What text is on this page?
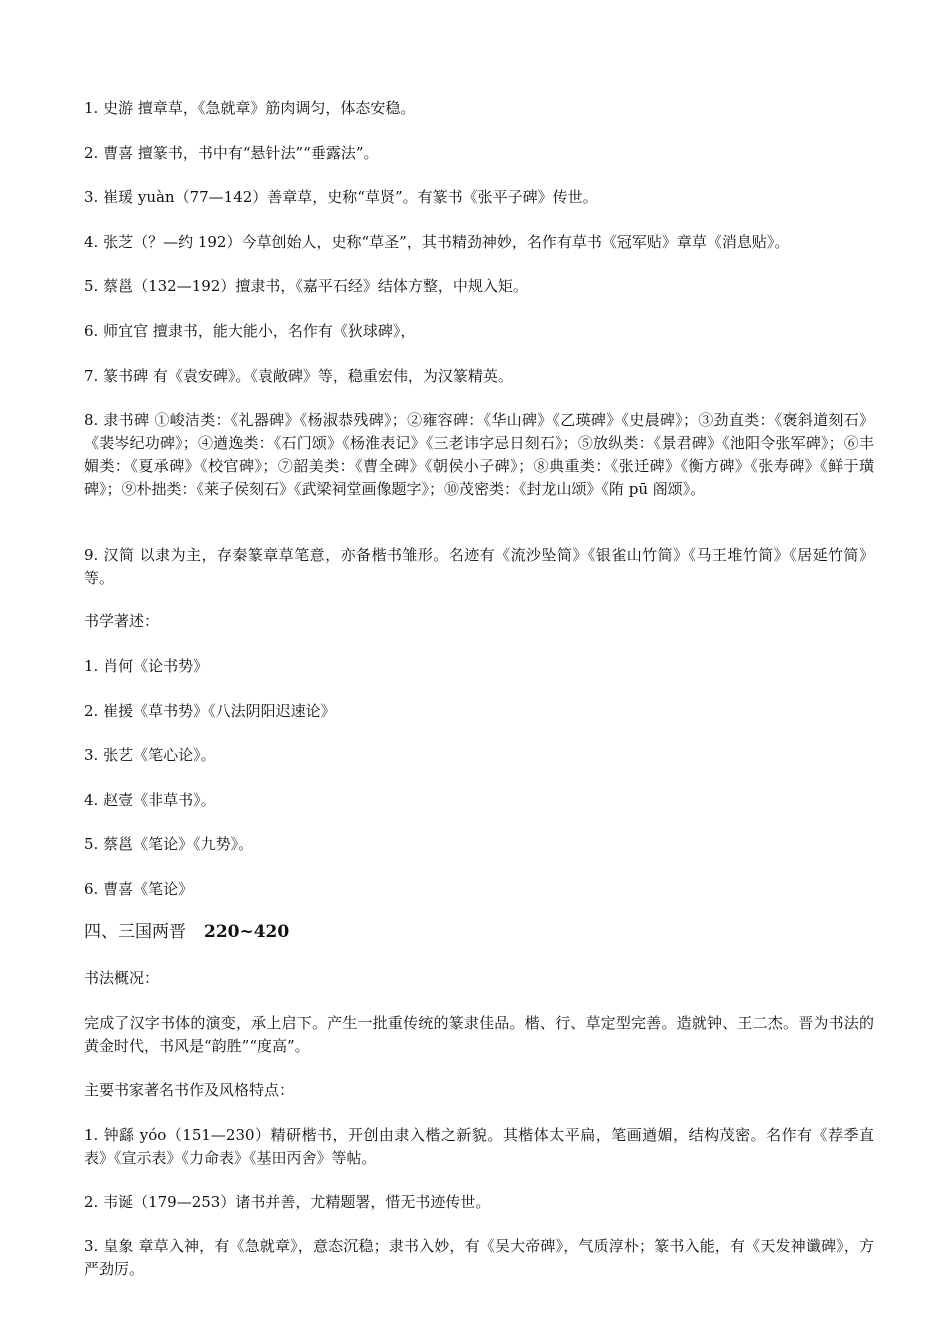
1. 史游 擅章草，《急就章》筋肉调匀，体态安稳。
2. 曹喜 擅篆书，书中有“悬针法”“垂露法”。
3. 崔瑗 yuàn（77—142）善章草，史称“草贤”。有篆书《张平子碑》传世。
4. 张芝（？—约 192）今草创始人，史称“草圣”，其书精劲神妙，名作有草书《冠军贴》章草《消息贴》。
5. 蔡邕（132—192）擅隶书，《嘉平石经》结体方整，中规入矩。
6. 师宜官 擅隶书，能大能小，名作有《狄球碑》，
7. 篆书碑 有《袁安碑》。《袁敞碑》等，稳重宏伟，为汉篆精英。
8. 隶书碑 ①峻洁类：《礼器碑》《杨淑恭残碑》；②雍容碑：《华山碑》《乙瑛碑》《史晨碑》；③劲直类：《褒斜道刻石》《裴岑纪功碑》；④遒逸类：《石门颂》《杨淮表记》《三老讳字忌日刻石》；⑤放纵类：《景君碑》《池阳令张军碑》；⑥丰媚类：《夏承碑》《校官碑》；⑦韶美类：《曹全碑》《朝侯小子碑》；⑧典重类：《张迁碑》《衡方碑》《张寿碑》《鲜于璜碑》；⑨朴拙类：《莱子侯刻石》《武梁祠堂画像题字》；⑩茂密类：《封龙山颂》《陏 pū 阁颂》。
9. 汉简 以隶为主，存秦篆章草笔意，亦备楷书雏形。名迹有《流沙坠简》《银雀山竹简》《马王堆竹简》《居延竹简》等。
书学著述：
1. 肖何《论书势》
2. 崔援《草书势》《八法阴阳迟速论》
3. 张艺《笔心论》。
4. 赵壹《非草书》。
5. 蔡邕《笔论》《九势》。
6. 曹喜《笔论》
四、三国两晋 220~420
书法概况：
完成了汉字书体的演变，承上启下。产生一批重传统的篆隶佳品。楷、行、草定型完善。造就钟、王二杰。晋为书法的黄金时代，书风是“韵胜”“度高”。
主要书家著名书作及风格特点：
1. 钟繇 yóo（151—230）精研楷书，开创由隶入楷之新貌。其楷体太平扁，笔画遒媚，结构茂密。名作有《荐季直表》《宣示表》《力命表》《基田丙舍》等帖。
2. 韦诞（179—253）诸书并善，尤精题署，惜无书迹传世。
3. 皇象 章草入神，有《急就章》，意态沉稳；隶书入妙，有《吴大帝碑》，气质淳朴；篆书入能，有《天发神谶碑》，方严劲厉。
